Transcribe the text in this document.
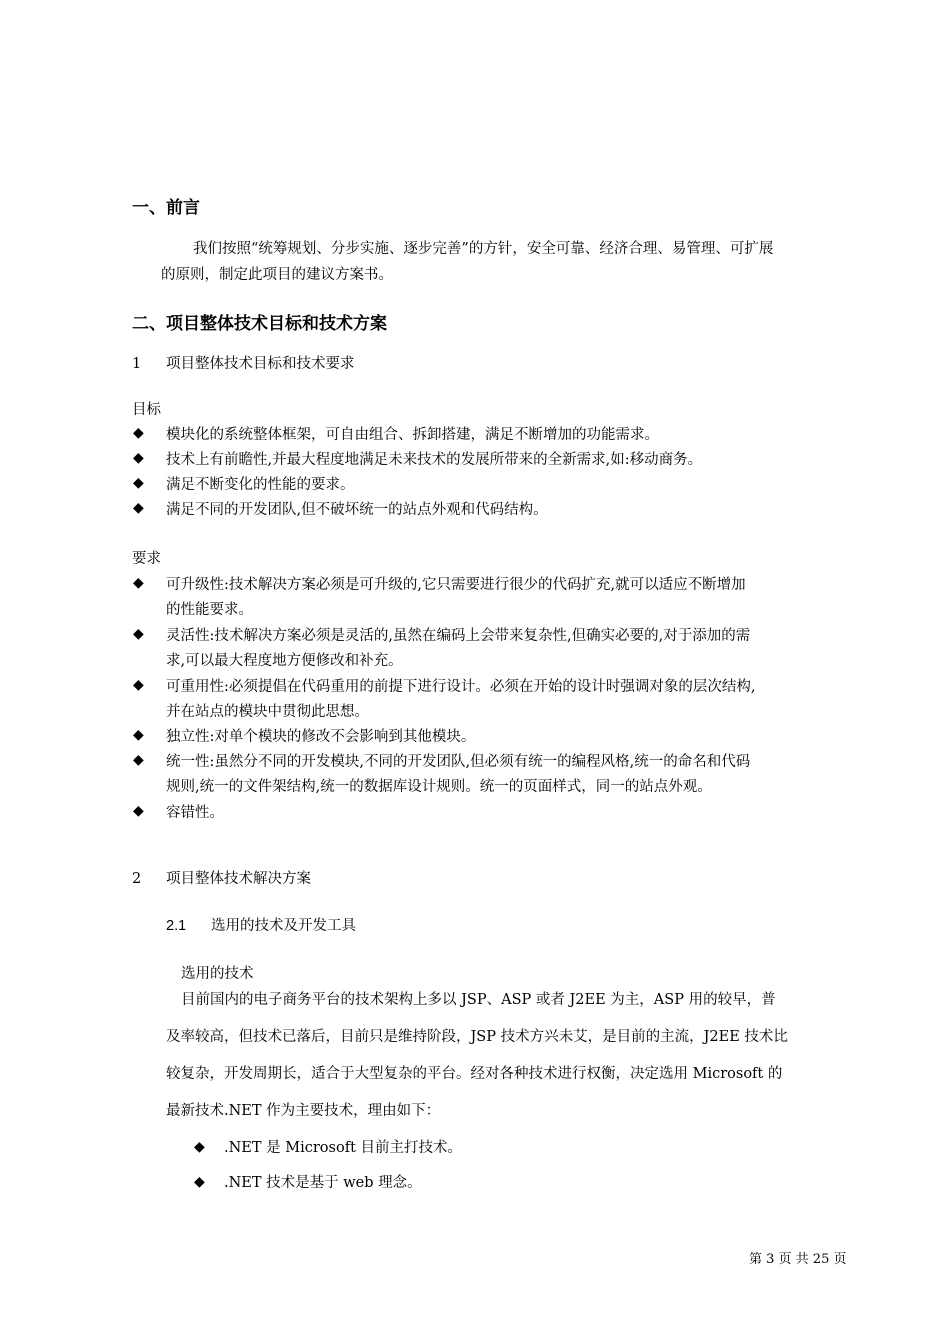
一、前言
我们按照“统筹规划、分步实施、逐步完善”的方针，安全可靠、经济合理、易管理、可扩展
的原则，制定此项目的建议方案书。
二、项目整体技术目标和技术方案
1 项目整体技术目标和技术要求
目标
◆ 模块化的系统整体框架，可自由组合、拆卸搭建，满足不断增加的功能需求。
◆ 技术上有前瞻性,并最大程度地满足未来技术的发展所带来的全新需求,如:移动商务。
◆ 满足不断变化的性能的要求。
◆ 满足不同的开发团队,但不破坏统一的站点外观和代码结构。
要求
◆ 可升级性:技术解决方案必须是可升级的,它只需要进行很少的代码扩充,就可以适应不断增加
的性能要求。
◆ 灵活性:技术解决方案必须是灵活的,虽然在编码上会带来复杂性,但确实必要的,对于添加的需
求,可以最大程度地方便修改和补充。
◆ 可重用性:必须提倡在代码重用的前提下进行设计。必须在开始的设计时强调对象的层次结构,
并在站点的模块中贯彻此思想。
◆ 独立性:对单个模块的修改不会影响到其他模块。
◆ 统一性:虽然分不同的开发模块,不同的开发团队,但必须有统一的编程风格,统一的命名和代码
规则,统一的文件架结构,统一的数据库设计规则。统一的页面样式，同一的站点外观。
◆ 容错性。
2 项目整体技术解决方案
2.1 选用的技术及开发工具
选用的技术
目前国内的电子商务平台的技术架构上多以 JSP、ASP 或者 J2EE 为主，ASP 用的较早，普
及率较高，但技术已落后，目前只是维持阶段，JSP 技术方兴未艾，是目前的主流，J2EE 技术比
较复杂，开发周期长，适合于大型复杂的平台。经对各种技术进行权衡，决定选用 Microsoft 的
最新技术.NET 作为主要技术，理由如下：
◆ .NET 是 Microsoft 目前主打技术。
◆ .NET 技术是基于 web 理念。
第 3 页 共 25 页
